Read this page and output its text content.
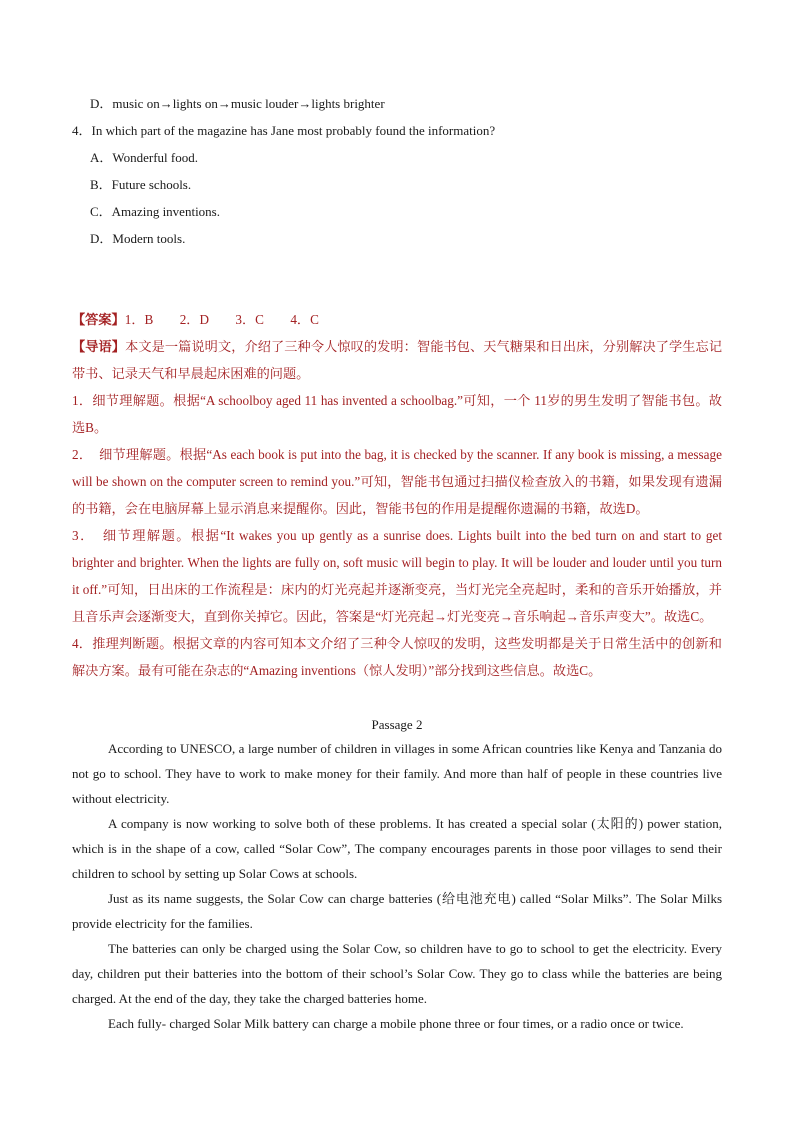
D．music on→lights on→music louder→lights brighter
4．In which part of the magazine has Jane most probably found the information?
A．Wonderful food.
B．Future schools.
C．Amazing inventions.
D．Modern tools.

【答案】1．B　　2．D　　3．C　　4．C

【导语】本文是一篇说明文，介绍了三种令人惊叹的发明：智能书包、天气糖果和日出床，分别解决了学生忘记带书、记录天气和早晨起床困难的问题。

1．细节理解题。根据“A schoolboy aged 11 has invented a schoolbag.”可知，一个 11岁的男生发明了智能书包。故选B。

2．　细节理解题。根据“As each book is put into the bag, it is checked by the scanner. If any book is missing, a message will be shown on the computer screen to remind you.”可知，智能书包通过扫描仪检查放入的书籍，如果发现有遗漏的书籍，会在电脑屏幕上显示消息来提醒你。因此，智能书包的作用是提醒你遗漏的书籍，故选D。

3．　细节理解题。根据“It wakes you up gently as a sunrise does. Lights built into the bed turn on and start to get brighter and brighter. When the lights are fully on, soft music will begin to play. It will be louder and louder until you turn it off.”可知，日出床的工作流程是：床内的灯光亮起并逐渐变亮，当灯光完全亮起时，柔和的音乐开始播放，并且音乐声会逐渐变大，直到你关掉它。因此，答案是“灯光亮起→灯光变亮→音乐响起→音乐声变大”。故选C。

4．推理判断题。根据文章的内容可知本文介绍了三种令人惊叹的发明，这些发明都是关于日常生活中的创新和解决方案。最有可能在杂志的“Amazing inventions（惊人发明）”部分找到这些信息。故选C。

Passage 2

According to UNESCO, a large number of children in villages in some African countries like Kenya and Tanzania do not go to school. They have to work to make money for their family. And more than half of people in these countries live without electricity.

A company is now working to solve both of these problems. It has created a special solar (太阳的) power station, which is in the shape of a cow, called “Solar Cow”, The company encourages parents in those poor villages to send their children to school by setting up Solar Cows at schools.

Just as its name suggests, the Solar Cow can charge batteries (给电池充电) called “Solar Milks”. The Solar Milks provide electricity for the families.

The batteries can only be charged using the Solar Cow, so children have to go to school to get the electricity. Every day, children put their batteries into the bottom of their school’s Solar Cow. They go to class while the batteries are being charged. At the end of the day, they take the charged batteries home.

Each fully- charged Solar Milk battery can charge a mobile phone three or four times, or a radio once or twice.
